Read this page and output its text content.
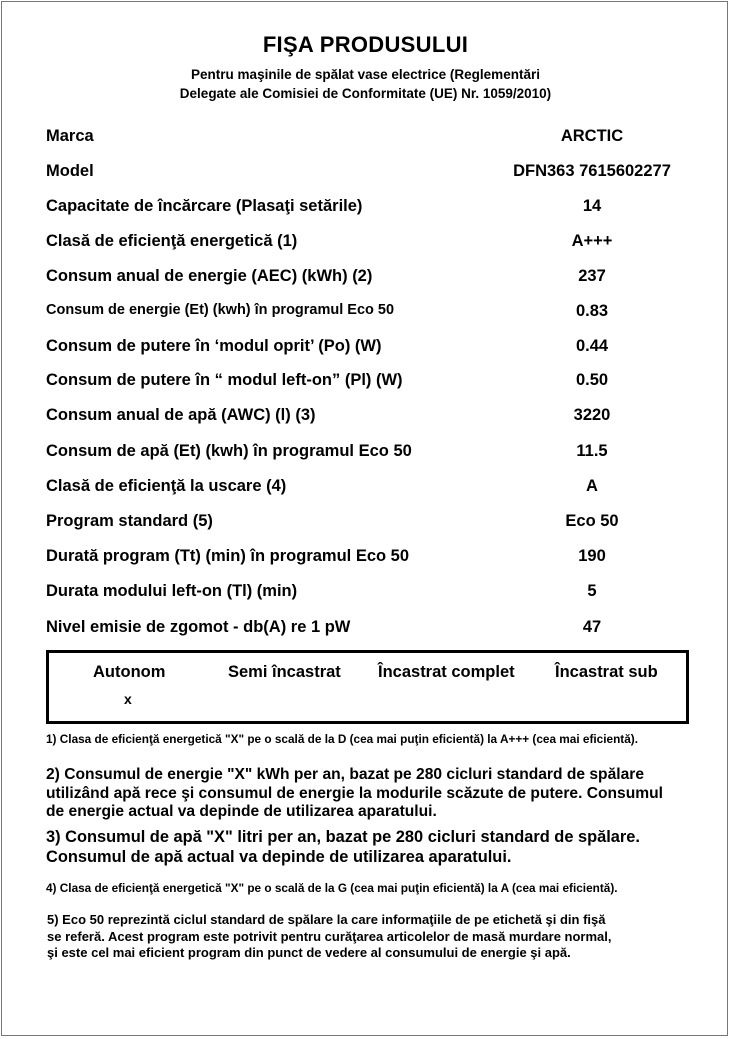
FIŞA PRODUSULUI
Pentru maşinile de spălat vase electrice (Reglementări
Delegate ale Comisiei de Conformitate (UE) Nr. 1059/2010)
Marca	ARCTIC
Model	DFN363 7615602277
Capacitate de încărcare (Plasaţi setările)	14
Clasă de eficienţă energetică (1)	A+++
Consum anual de energie (AEC) (kWh) (2)	237
Consum de energie (Et) (kwh) în programul Eco 50	0.83
Consum de putere în ‘modul oprit’ (Po) (W)	0.44
Consum de putere în “ modul left-on” (Pl) (W)	0.50
Consum anual de apă (AWC) (l) (3)	3220
Consum de apă (Et) (kwh) în programul Eco 50	11.5
Clasă de eficienţă la uscare (4)	A
Program standard (5)	Eco 50
Durată program (Tt) (min) în programul Eco 50	190
Durata modului left-on (Tl) (min)	5
Nivel emisie de zgomot - db(A) re 1 pW	47
Autonom	Semi încastrat Încastrat complet Încastrat sub
x
1) Clasa de eficienţă energetică "X" pe o scală de la D (cea mai puţin eficientă) la A+++ (cea mai eficientă).
2) Consumul de energie "X" kWh per an, bazat pe 280 cicluri standard de spălare
utilizând apă rece şi consumul de energie la modurile scăzute de putere. Consumul
de energie actual va depinde de utilizarea aparatului.
3) Consumul de apă "X" litri per an, bazat pe 280 cicluri standard de spălare.
Consumul de apă actual va depinde de utilizarea aparatului.
4) Clasa de eficienţă energetică "X" pe o scală de la G (cea mai puţin eficientă) la A (cea mai eficientă).
5) Eco 50 reprezintă ciclul standard de spălare la care informaţiile de pe etichetă şi din fişă
se referă. Acest program este potrivit pentru curăţarea articolelor de masă murdare normal,
şi este cel mai eficient program din punct de vedere al consumului de energie şi apă.
